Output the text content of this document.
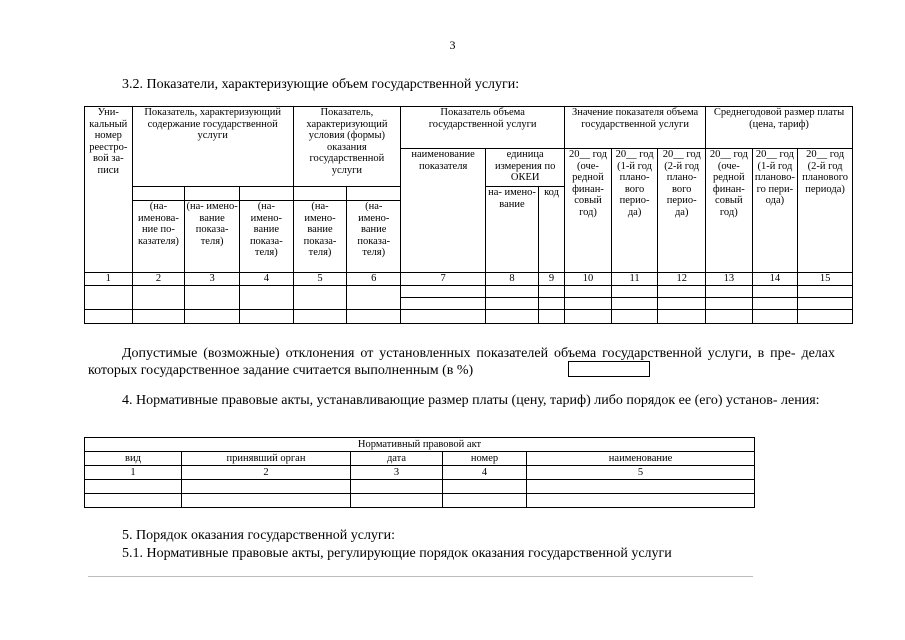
3
3.2. Показатели, характеризующие объем государственной услуги:
Уни- кальный номер реестро- вой за- писи	Показатель, характеризующий содержание государственной услуги			Показатель, характеризующий условия (формы) оказания государственной услуги		Показатель объема государственной услуги			Значение показателя объема государственной услуги			Среднегодовой размер платы (цена, тариф)		
						наименование показателя	единица измерения по ОКЕИ		20__ год (оче- редной финан- совый год)	20__ год (1-й год плано- вого перио- да)	20__ год (2-й год плано- вого перио- да)	20__ год (оче- редной финан- совый год)	20__ год (1-й год планово- го пери- ода)	20__ год (2-й год планового периода)
							на- имено- вание	код						
	(на- именова- ние по- казателя)	(на- имено- вание показа- теля)	(на- имено- вание показа- теля)	(на- имено- вание показа- теля)	(на- имено- вание показа- теля)									
1	2	3	4	5	6	7	8	9	10	11	12	13	14	15

Допустимые (возможные) отклонения от установленных показателей объема государственной услуги, в пре- делах которых государственное задание считается выполненным (в %)
4. Нормативные правовые акты, устанавливающие размер платы (цену, тариф) либо порядок ее (его) установ- ления:
Нормативный правовой акт				
вид	принявший орган	дата	номер	наименование
1	2	3	4	5

5. Порядок оказания государственной услуги:
5.1. Нормативные правовые акты, регулирующие порядок оказания государственной услуги
